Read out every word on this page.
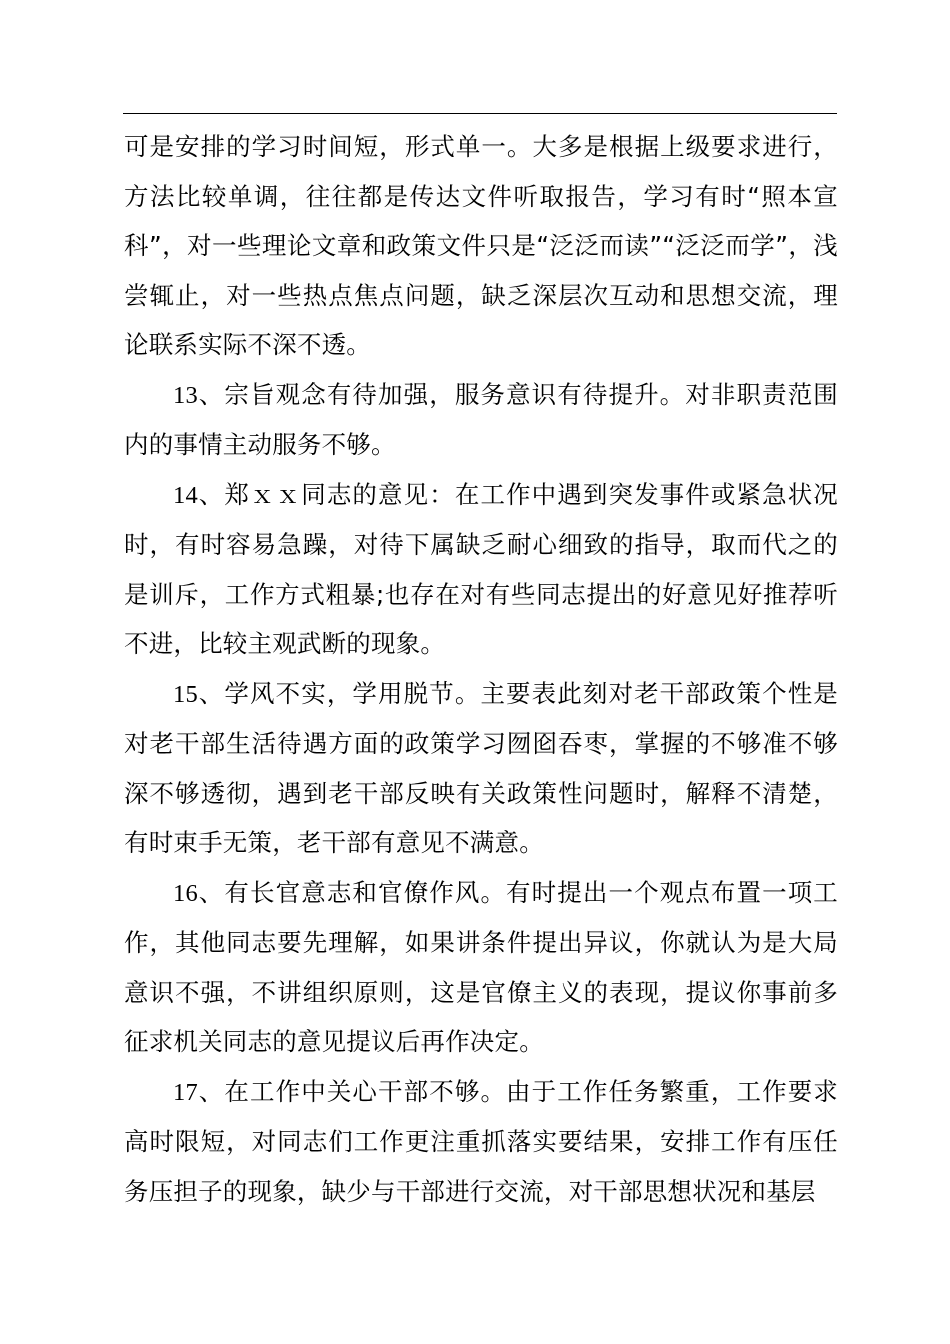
可是安排的学习时间短，形式单一。大多是根据上级要求进行，方法比较单调，往往都是传达文件听取报告，学习有时“照本宣科”，对一些理论文章和政策文件只是“泛泛而读”“泛泛而学”，浅尝辄止，对一些热点焦点问题，缺乏深层次互动和思想交流，理论联系实际不深不透。

13、宗旨观念有待加强，服务意识有待提升。对非职责范围内的事情主动服务不够。

14、郑ｘｘ同志的意见：在工作中遇到突发事件或紧急状况时，有时容易急躁，对待下属缺乏耐心细致的指导，取而代之的是训斥，工作方式粗暴;也存在对有些同志提出的好意见好推荐听不进，比较主观武断的现象。

15、学风不实，学用脱节。主要表此刻对老干部政策个性是对老干部生活待遇方面的政策学习囫囵吞枣，掌握的不够准不够深不够透彻，遇到老干部反映有关政策性问题时，解释不清楚，有时束手无策，老干部有意见不满意。

16、有长官意志和官僚作风。有时提出一个观点布置一项工作，其他同志要先理解，如果讲条件提出异议，你就认为是大局意识不强，不讲组织原则，这是官僚主义的表现，提议你事前多征求机关同志的意见提议后再作决定。

17、在工作中关心干部不够。由于工作任务繁重，工作要求高时限短，对同志们工作更注重抓落实要结果，安排工作有压任务压担子的现象，缺少与干部进行交流，对干部思想状况和基层
